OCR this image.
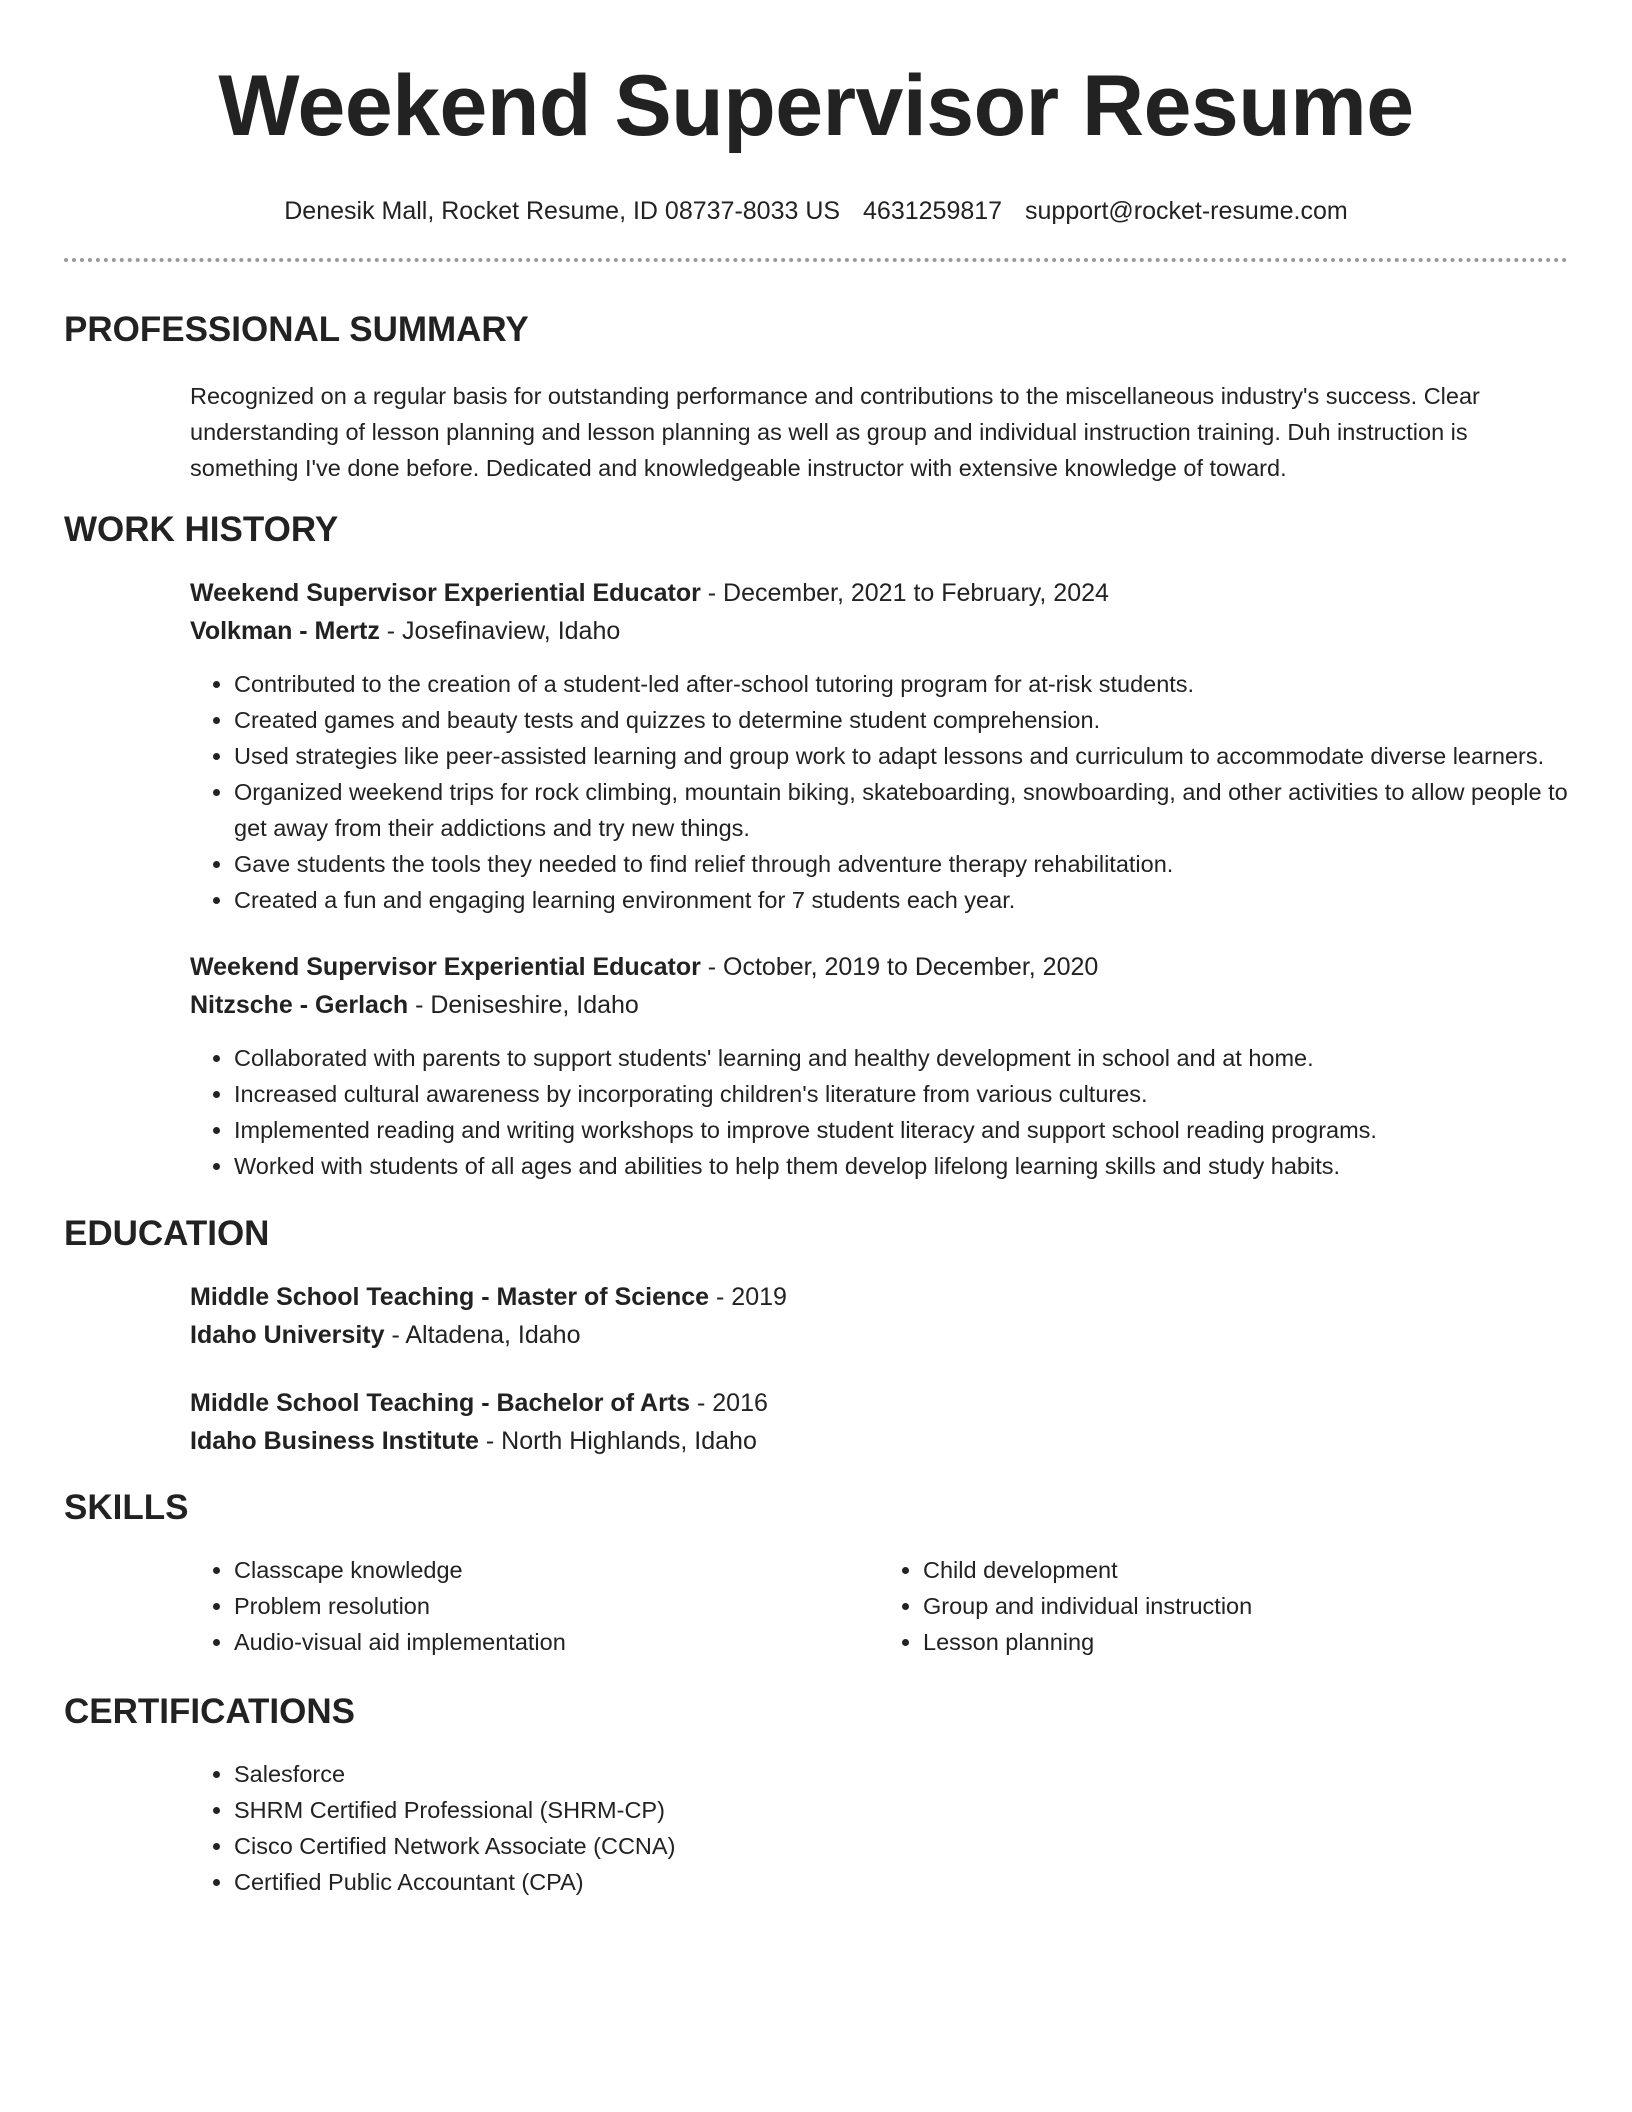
Weekend Supervisor Resume
Denesik Mall, Rocket Resume, ID 08737-8033 US 4631259817 support@rocket-resume.com
PROFESSIONAL SUMMARY

Recognized on a regular basis for outstanding performance and contributions to the miscellaneous industry's success. Clear understanding of lesson planning and lesson planning as well as group and individual instruction training. Duh instruction is something I've done before. Dedicated and knowledgeable instructor with extensive knowledge of toward.

WORK HISTORY
Weekend Supervisor Experiential Educator - December, 2021 to February, 2024
Volkman - Mertz - Josefinaview, Idaho
• Contributed to the creation of a student-led after-school tutoring program for at-risk students.
• Created games and beauty tests and quizzes to determine student comprehension.
• Used strategies like peer-assisted learning and group work to adapt lessons and curriculum to accommodate diverse learners.
• Organized weekend trips for rock climbing, mountain biking, skateboarding, snowboarding, and other activities to allow people to get away from their addictions and try new things.
• Gave students the tools they needed to find relief through adventure therapy rehabilitation.
• Created a fun and engaging learning environment for 7 students each year.
Weekend Supervisor Experiential Educator - October, 2019 to December, 2020
Nitzsche - Gerlach - Deniseshire, Idaho
• Collaborated with parents to support students' learning and healthy development in school and at home.
• Increased cultural awareness by incorporating children's literature from various cultures.
• Implemented reading and writing workshops to improve student literacy and support school reading programs.
• Worked with students of all ages and abilities to help them develop lifelong learning skills and study habits.
EDUCATION
Middle School Teaching - Master of Science - 2019
Idaho University - Altadena, Idaho
Middle School Teaching - Bachelor of Arts - 2016
Idaho Business Institute - North Highlands, Idaho
SKILLS
• Classcape knowledge
• Problem resolution
• Audio-visual aid implementation
• Child development
• Group and individual instruction
• Lesson planning
CERTIFICATIONS
• Salesforce
• SHRM Certified Professional (SHRM-CP)
• Cisco Certified Network Associate (CCNA)
• Certified Public Accountant (CPA)
